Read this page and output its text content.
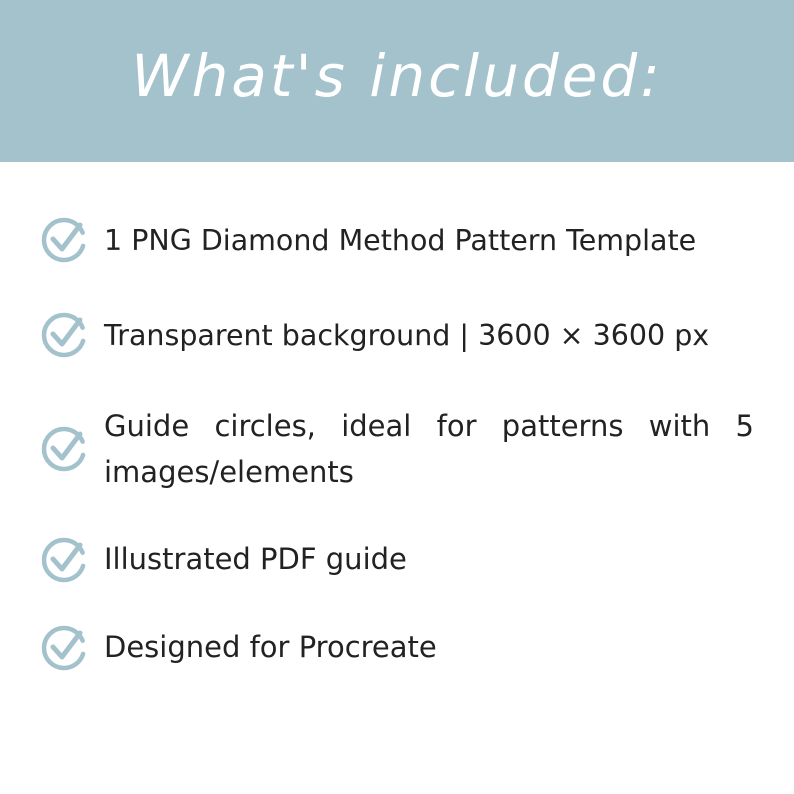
What's included:
1 PNG Diamond Method Pattern Template
Transparent background | 3600 × 3600 px
Guide circles, ideal for patterns with 5 images/elements
Illustrated PDF guide
Designed for Procreate
